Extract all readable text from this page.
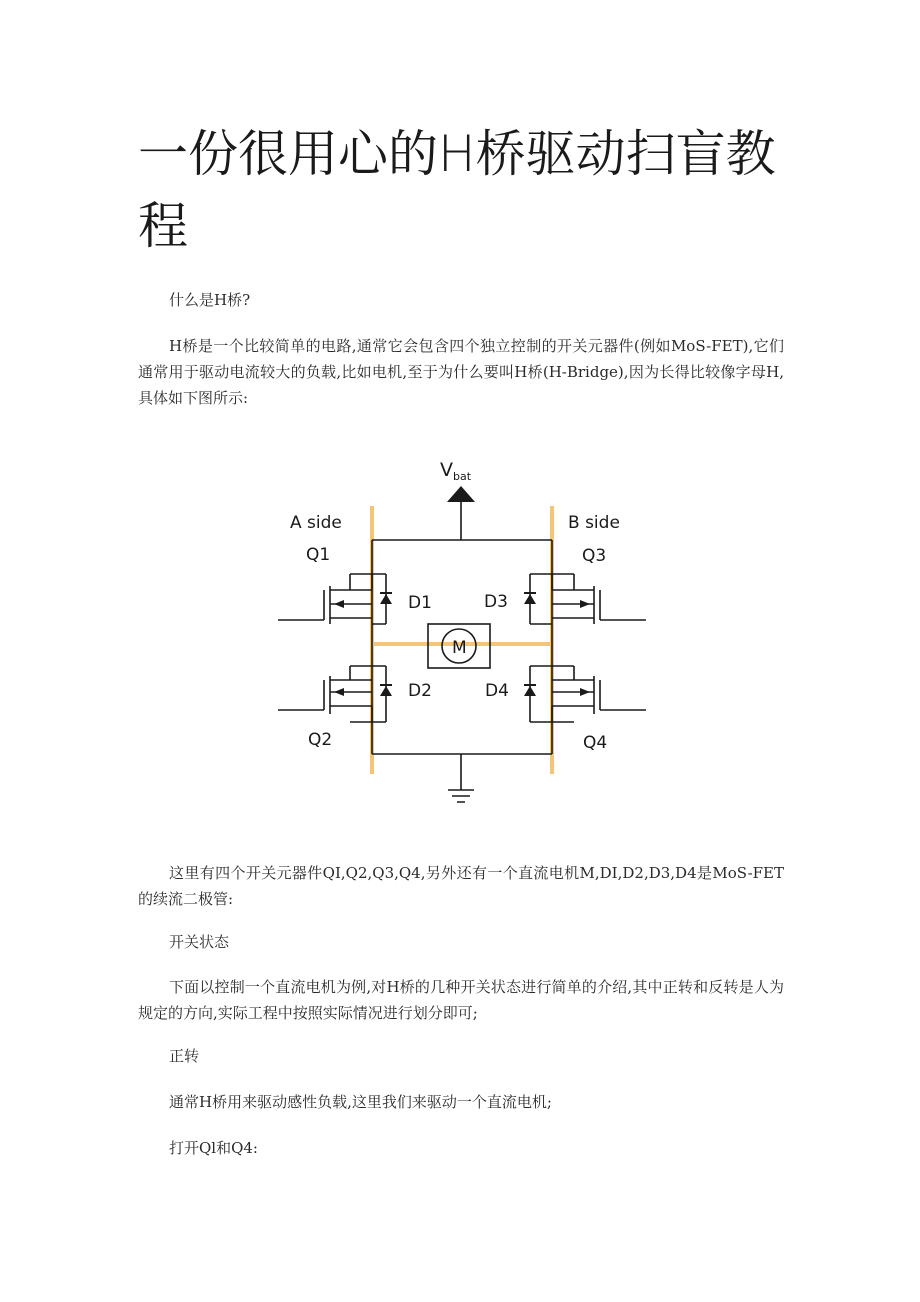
一份很用心的H桥驱动扫盲教程

什么是H桥?

H桥是一个比较简单的电路,通常它会包含四个独立控制的开关元器件(例如MoS-FET),它们通常用于驱动电流较大的负载,比如电机,至于为什么要叫H桥(H-Bridge),因为长得比较像字母H,具体如下图所示:

$V_{bat}$
A side	B side
Q1	Q3
Q2	Q4
D1	D3
D2	D4
M

这里有四个开关元器件QI,Q2,Q3,Q4,另外还有一个直流电机M,DI,D2,D3,D4是MoS-FET的续流二极管:

开关状态

下面以控制一个直流电机为例,对H桥的几种开关状态进行简单的介绍,其中正转和反转是人为规定的方向,实际工程中按照实际情况进行划分即可;

正转

通常H桥用来驱动感性负载,这里我们来驱动一个直流电机;

打开Ql和Q4:
